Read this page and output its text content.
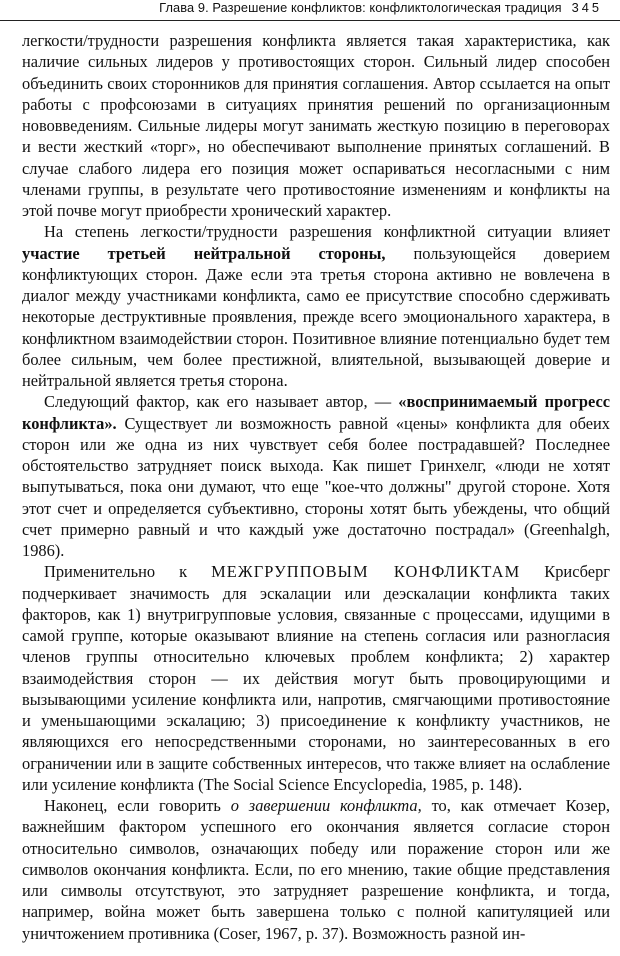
Глава 9. Разрешение конфликтов: конфликтологическая традиция 345

легкости/трудности разрешения конфликта является такая характеристика, как наличие сильных лидеров у противостоящих сторон. Сильный лидер способен объединить своих сторонников для принятия соглашения. Автор ссылается на опыт работы с профсоюзами в ситуациях принятия решений по организационным нововведениям. Сильные лидеры могут занимать жесткую позицию в переговорах и вести жесткий «торг», но обеспечивают выполнение принятых соглашений. В случае слабого лидера его позиция может оспариваться несогласными с ним членами группы, в результате чего противостояние изменениям и конфликты на этой почве могут приобрести хронический характер.

На степень легкости/трудности разрешения конфликтной ситуации влияет участие третьей нейтральной стороны, пользующейся доверием конфликтующих сторон. Даже если эта третья сторона активно не вовлечена в диалог между участниками конфликта, само ее присутствие способно сдерживать некоторые деструктивные проявления, прежде всего эмоционального характера, в конфликтном взаимодействии сторон. Позитивное влияние потенциально будет тем более сильным, чем более престижной, влиятельной, вызывающей доверие и нейтральной является третья сторона.

Следующий фактор, как его называет автор, — «воспринимаемый прогресс конфликта». Существует ли возможность равной «цены» конфликта для обеих сторон или же одна из них чувствует себя более пострадавшей? Последнее обстоятельство затрудняет поиск выхода. Как пишет Гринхелг, «люди не хотят выпутываться, пока они думают, что еще "кое-что должны" другой стороне. Хотя этот счет и определяется субъективно, стороны хотят быть убеждены, что общий счет примерно равный и что каждый уже достаточно пострадал» (Greenhalgh, 1986).

Применительно к МЕЖГРУППОВЫМ КОНФЛИКТАМ Крисберг подчеркивает значимость для эскалации или деэскалации конфликта таких факторов, как 1) внутригрупповые условия, связанные с процессами, идущими в самой группе, которые оказывают влияние на степень согласия или разногласия членов группы относительно ключевых проблем конфликта; 2) характер взаимодействия сторон — их действия могут быть провоцирующими и вызывающими усиление конфликта или, напротив, смягчающими противостояние и уменьшающими эскалацию; 3) присоединение к конфликту участников, не являющихся его непосредственными сторонами, но заинтересованных в его ограничении или в защите собственных интересов, что также влияет на ослабление или усиление конфликта (The Social Science Encyclopedia, 1985, p. 148).

Наконец, если говорить о завершении конфликта, то, как отмечает Козер, важнейшим фактором успешного его окончания является согласие сторон относительно символов, означающих победу или поражение сторон или же символов окончания конфликта. Если, по его мнению, такие общие представления или символы отсутствуют, это затрудняет разрешение конфликта, и тогда, например, война может быть завершена только с полной капитуляцией или уничтожением противника (Coser, 1967, p. 37). Возможность разной ин-
